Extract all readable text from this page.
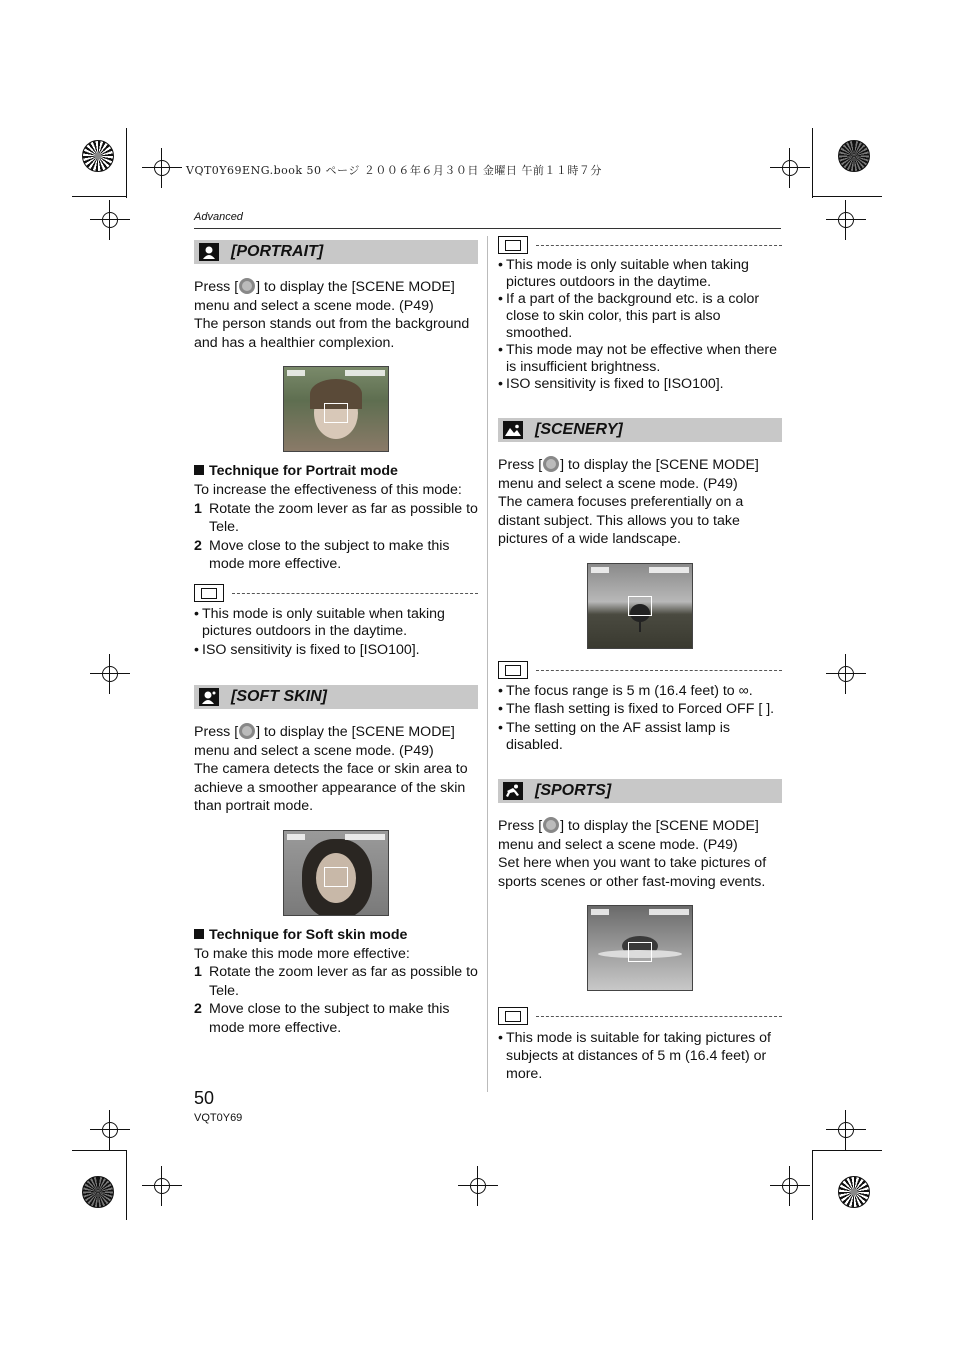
VQT0Y69ENG.book 50 ページ ２００６年６月３０日 金曜日 午前１１時７分
Advanced
[PORTRAIT]

Press [ ] to display the [SCENE MODE] menu and select a scene mode. (P49)

The person stands out from the background and has a healthier complexion.

Technique for Portrait mode

To increase the effectiveness of this mode:

1 Rotate the zoom lever as far as possible to Tele.

2 Move close to the subject to make this mode more effective.

• This mode is only suitable when taking pictures outdoors in the daytime.

• ISO sensitivity is fixed to [ISO100].

[SOFT SKIN]

Press [ ] to display the [SCENE MODE] menu and select a scene mode. (P49)

The camera detects the face or skin area to achieve a smoother appearance of the skin than portrait mode.

Technique for Soft skin mode

To make this mode more effective:

1 Rotate the zoom lever as far as possible to Tele.

2 Move close to the subject to make this mode more effective.

• This mode is only suitable when taking pictures outdoors in the daytime.

• If a part of the background etc. is a color close to skin color, this part is also smoothed.

• This mode may not be effective when there is insufficient brightness.

• ISO sensitivity is fixed to [ISO100].

[SCENERY]

Press [ ] to display the [SCENE MODE] menu and select a scene mode. (P49)

The camera focuses preferentially on a distant subject. This allows you to take pictures of a wide landscape.

• The focus range is 5 m (16.4 feet) to ∞.

• The flash setting is fixed to Forced OFF [ ].

• The setting on the AF assist lamp is disabled.

[SPORTS]

Press [ ] to display the [SCENE MODE] menu and select a scene mode. (P49)

Set here when you want to take pictures of sports scenes or other fast-moving events.

• This mode is suitable for taking pictures of subjects at distances of 5 m (16.4 feet) or more.

50
VQT0Y69
